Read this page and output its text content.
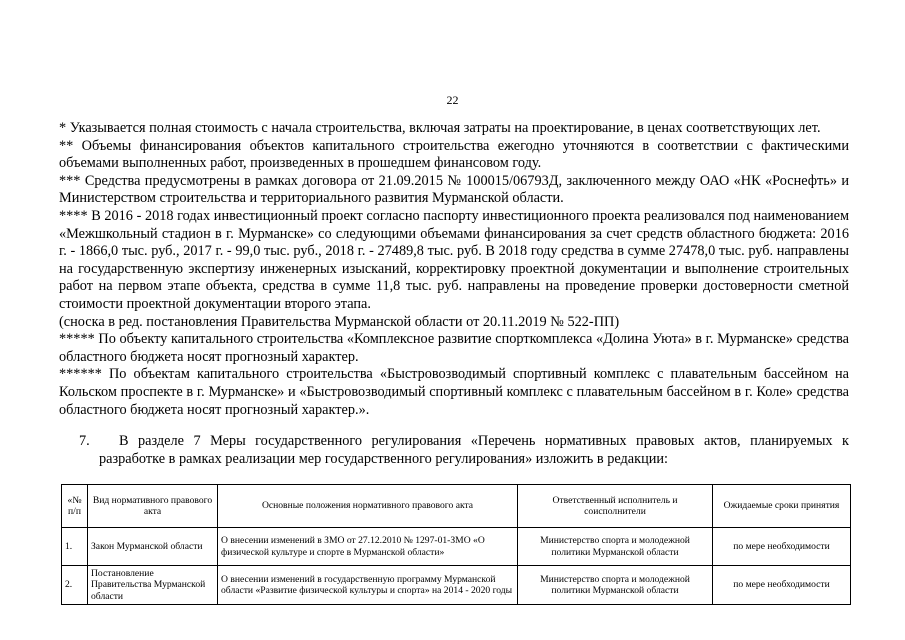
22

* Указывается полная стоимость с начала строительства, включая затраты на проектирование, в ценах соответствующих лет.

** Объемы финансирования объектов капитального строительства ежегодно уточняются в соответствии с фактическими объемами выполненных работ, произведенных в прошедшем финансовом году.

*** Средства предусмотрены в рамках договора от 21.09.2015 № 100015/06793Д, заключенного между ОАО «НК «Роснефть» и Министерством строительства и территориального развития Мурманской области.

**** В 2016 - 2018 годах инвестиционный проект согласно паспорту инвестиционного проекта реализовался под наименованием «Межшкольный стадион в г. Мурманске» со следующими объемами финансирования за счет средств областного бюджета: 2016 г. - 1866,0 тыс. руб., 2017 г. - 99,0 тыс. руб., 2018 г. - 27489,8 тыс. руб. В 2018 году средства в сумме 27478,0 тыс. руб. направлены на государственную экспертизу инженерных изысканий, корректировку проектной документации и выполнение строительных работ на первом этапе объекта, средства в сумме 11,8 тыс. руб. направлены на проведение проверки достоверности сметной стоимости проектной документации второго этапа.

(сноска в ред. постановления Правительства Мурманской области от 20.11.2019 № 522-ПП)

***** По объекту капитального строительства «Комплексное развитие спорткомплекса «Долина Уюта» в г. Мурманске» средства областного бюджета носят прогнозный характер.

****** По объектам капитального строительства «Быстровозводимый спортивный комплекс с плавательным бассейном на Кольском проспекте в г. Мурманске» и «Быстровозводимый спортивный комплекс с плавательным бассейном в г. Коле» средства областного бюджета носят прогнозный характер.».

7.	В разделе 7 Меры государственного регулирования «Перечень нормативных правовых актов, планируемых к разработке в рамках реализации мер государственного регулирования» изложить в редакции:
«№ п/п	Вид нормативного правового акта	Основные положения нормативного правового акта	Ответственный исполнитель и соисполнители	Ожидаемые сроки принятия
1.	Закон Мурманской области	О внесении изменений в ЗМО от 27.12.2010 № 1297-01-ЗМО «О физической культуре и спорте в Мурманской области»	Министерство спорта и молодежной политики Мурманской области	по мере необходимости
2.	Постановление Правительства Мурманской области	О внесении изменений в государственную программу Мурманской области «Развитие физической культуры и спорта» на 2014 - 2020 годы	Министерство спорта и молодежной политики Мурманской области	по мере необходимости
